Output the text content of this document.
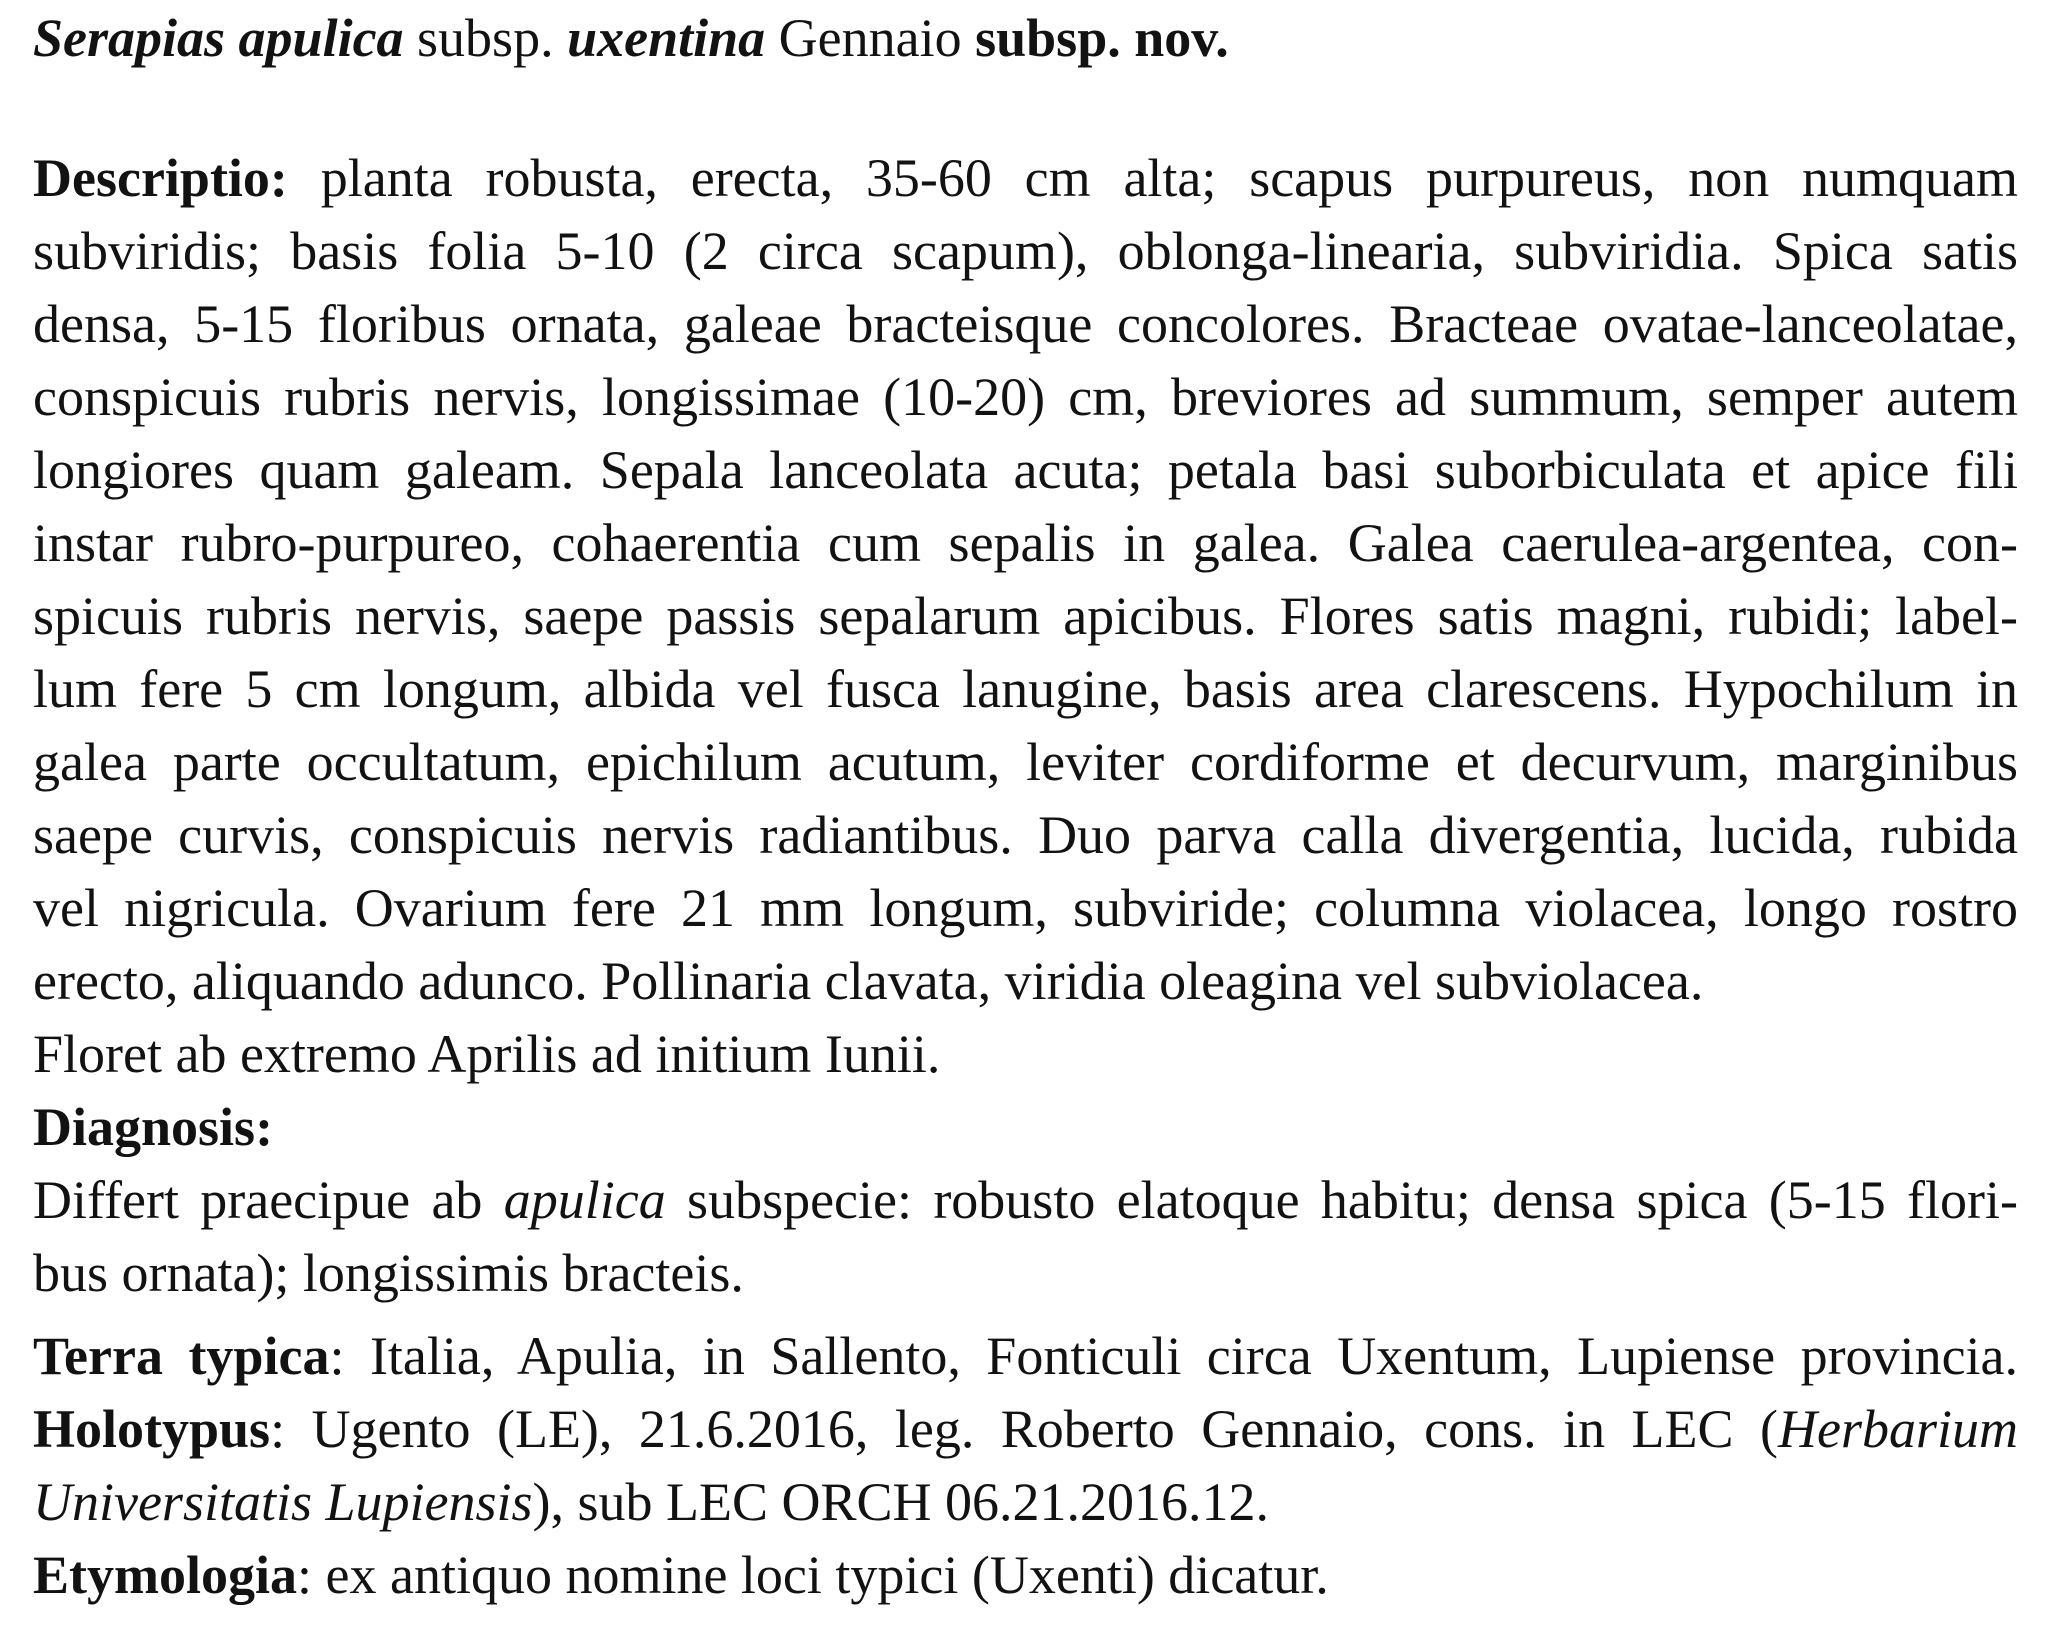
Serapias apulica subsp. uxentina Gennaio subsp. nov.
Descriptio: planta robusta, erecta, 35-60 cm alta; scapus purpureus, non numquam
subviridis; basis folia 5-10 (2 circa scapum), oblonga-linearia, subviridia. Spica satis
densa, 5-15 floribus ornata, galeae bracteisque concolores. Bracteae ovatae-lanceolatae,
conspicuis rubris nervis, longissimae (10-20) cm, breviores ad summum, semper autem
longiores quam galeam. Sepala lanceolata acuta; petala basi suborbiculata et apice fili
instar rubro-purpureo, cohaerentia cum sepalis in galea. Galea caerulea-argentea, con-
spicuis rubris nervis, saepe passis sepalarum apicibus. Flores satis magni, rubidi; label-
lum fere 5 cm longum, albida vel fusca lanugine, basis area clarescens. Hypochilum in
galea parte occultatum, epichilum acutum, leviter cordiforme et decurvum, marginibus
saepe curvis, conspicuis nervis radiantibus. Duo parva calla divergentia, lucida, rubida
vel nigricula. Ovarium fere 21 mm longum, subviride; columna violacea, longo rostro
erecto, aliquando adunco. Pollinaria clavata, viridia oleagina vel subviolacea.
Floret ab extremo Aprilis ad initium Iunii.
Diagnosis:
Differt praecipue ab apulica subspecie: robusto elatoque habitu; densa spica (5-15 flori-
bus ornata); longissimis bracteis.
Terra typica: Italia, Apulia, in Sallento, Fonticuli circa Uxentum, Lupiense provincia.
Holotypus: Ugento (LE), 21.6.2016, leg. Roberto Gennaio, cons. in LEC (Herbarium
Universitatis Lupiensis), sub LEC ORCH 06.21.2016.12.
Etymologia: ex antiquo nomine loci typici (Uxenti) dicatur.
